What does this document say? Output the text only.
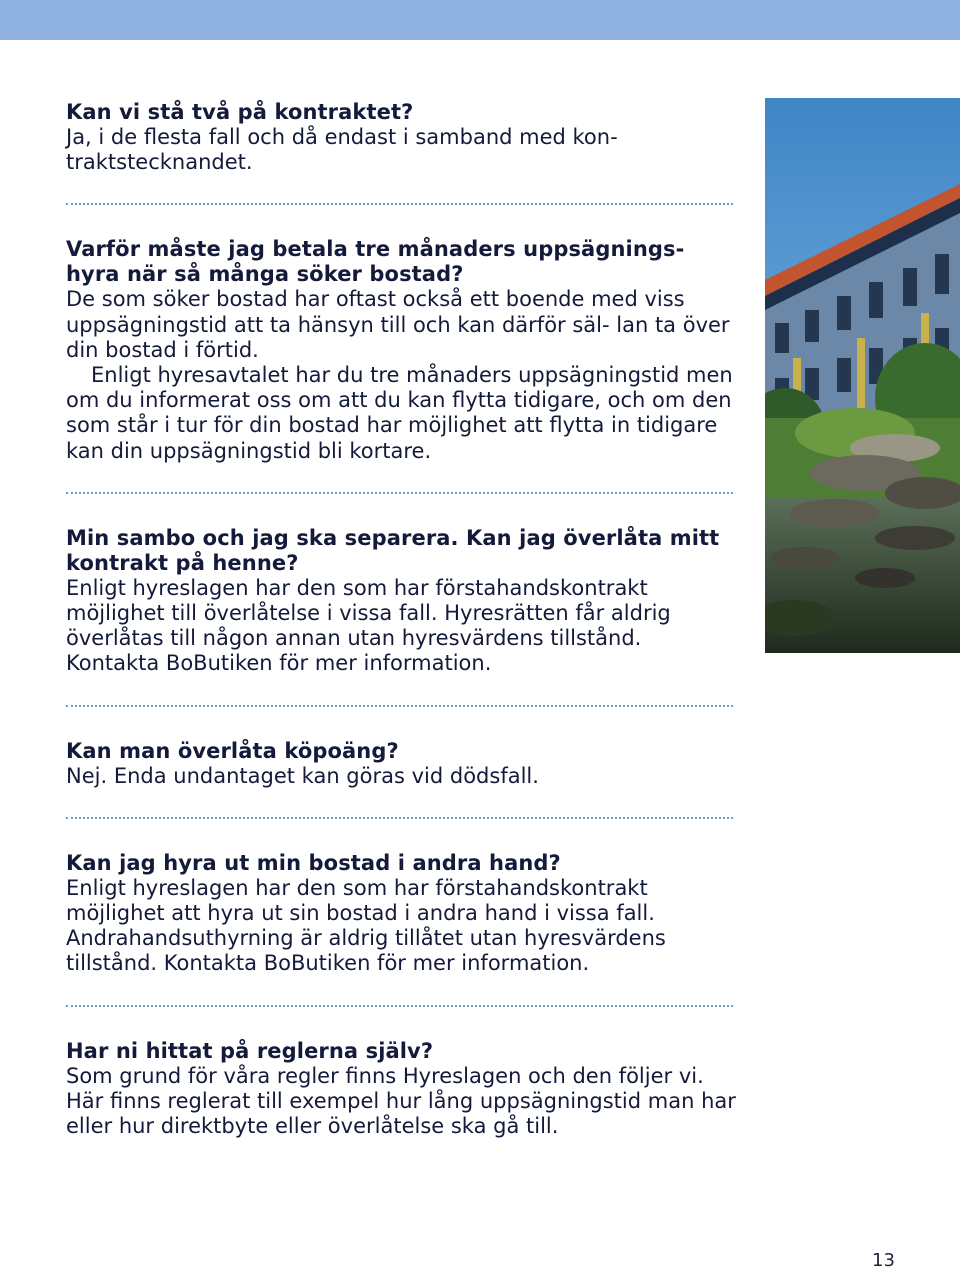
Kan vi stå två på kontraktet?

Ja, i de flesta fall och då endast i samband med kon- traktstecknandet.

Varför måste jag betala tre månaders uppsägnings- hyra när så många söker bostad?

De som söker bostad har oftast också ett boende med viss uppsägningstid att ta hänsyn till och kan därför säl- lan ta över din bostad i förtid.

Enligt hyresavtalet har du tre månaders uppsägningstid men om du informerat oss om att du kan flytta tidigare, och om den som står i tur för din bostad har möjlighet att flytta in tidigare kan din uppsägningstid bli kortare.

Min sambo och jag ska separera. Kan jag överlåta mitt kontrakt på henne?

Enligt hyreslagen har den som har förstahandskontrakt möjlighet till överlåtelse i vissa fall. Hyresrätten får aldrig överlåtas till någon annan utan hyresvärdens tillstånd. Kontakta BoButiken för mer information.

Kan man överlåta köpoäng?

Nej. Enda undantaget kan göras vid dödsfall.

Kan jag hyra ut min bostad i andra hand?

Enligt hyreslagen har den som har förstahandskontrakt möjlighet att hyra ut sin bostad i andra hand i vissa fall. Andrahandsuthyrning är aldrig tillåtet utan hyresvärdens tillstånd. Kontakta BoButiken för mer information.

Har ni hittat på reglerna själv?

Som grund för våra regler finns Hyreslagen och den följer vi. Här finns reglerat till exempel hur lång uppsägningstid man har eller hur direktbyte eller överlåtelse ska gå till.

13
